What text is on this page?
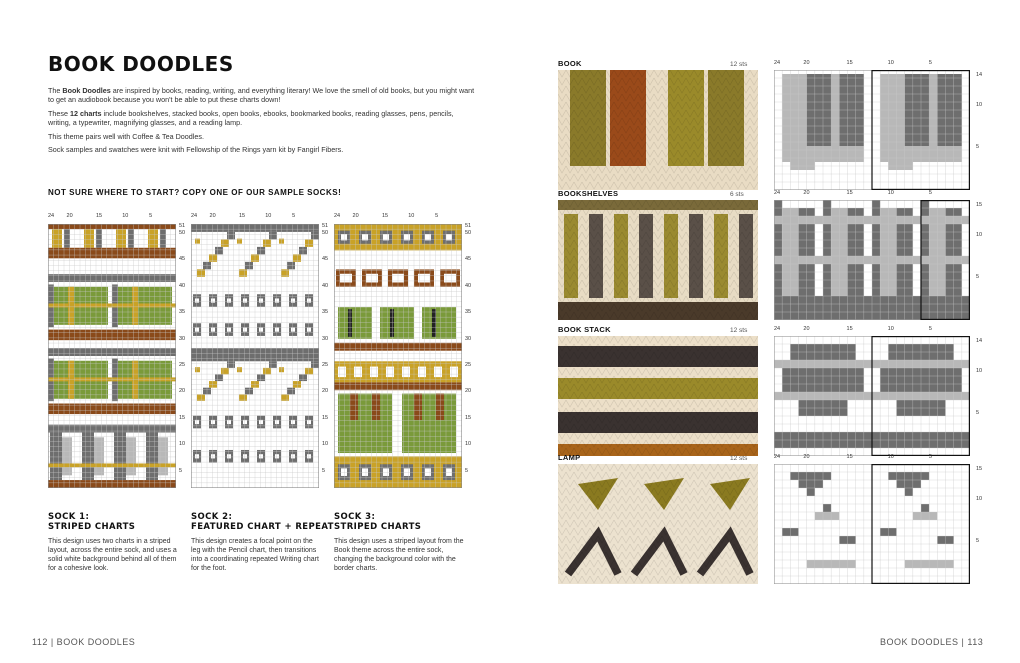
BOOK DOODLES

The Book Doodles are inspired by books, reading, writing, and everything literary! We love the smell of old books, but you might want to get an audiobook because you won't be able to put these charts down!

These 12 charts include bookshelves, stacked books, open books, ebooks, bookmarked books, reading glasses, pens, pencils, writing, a typewriter, magnifying glasses, and a reading lamp.

This theme pairs well with Coffee & Tea Doodles.

Sock samples and swatches were knit with Fellowship of the Rings yarn kit by Fangirl Fibers.

NOT SURE WHERE TO START? COPY ONE OF OUR SAMPLE SOCKS!
24 20	15	10	5
51
50
45
40
35
30
25
20
15
10
5
24 20	15	10	5
51
50
45
40
35
30
25
20
15
10
5
24 20	15	10	5
51
50
45
40
35
30
25
20
15
10
5
SOCK 1:
STRIPED CHARTS
This design uses two charts in a striped layout, across the entire sock, and uses a solid white background behind all of them for a cohesive look.
SOCK 2:
FEATURED CHART + REPEAT
This design creates a focal point on the leg with the Pencil chart, then transitions into a coordinating repeated Writing chart for the foot.
SOCK 3:
STRIPED CHARTS
This design uses a striped layout from the Book theme across the entire sock, changing the background color with the border charts.
112 | BOOK DOODLES
BOOK	12 sts	24	20	15	10	5
14
10
5
BOOKSHELVES	6 sts	24	20	15	10	5
15
10
5
BOOK STACK	12 sts	24	20	15	10	5
14
10
5
LAMP	12 sts	24	20	15	10	5
15
10
5
BOOK DOODLES | 113
